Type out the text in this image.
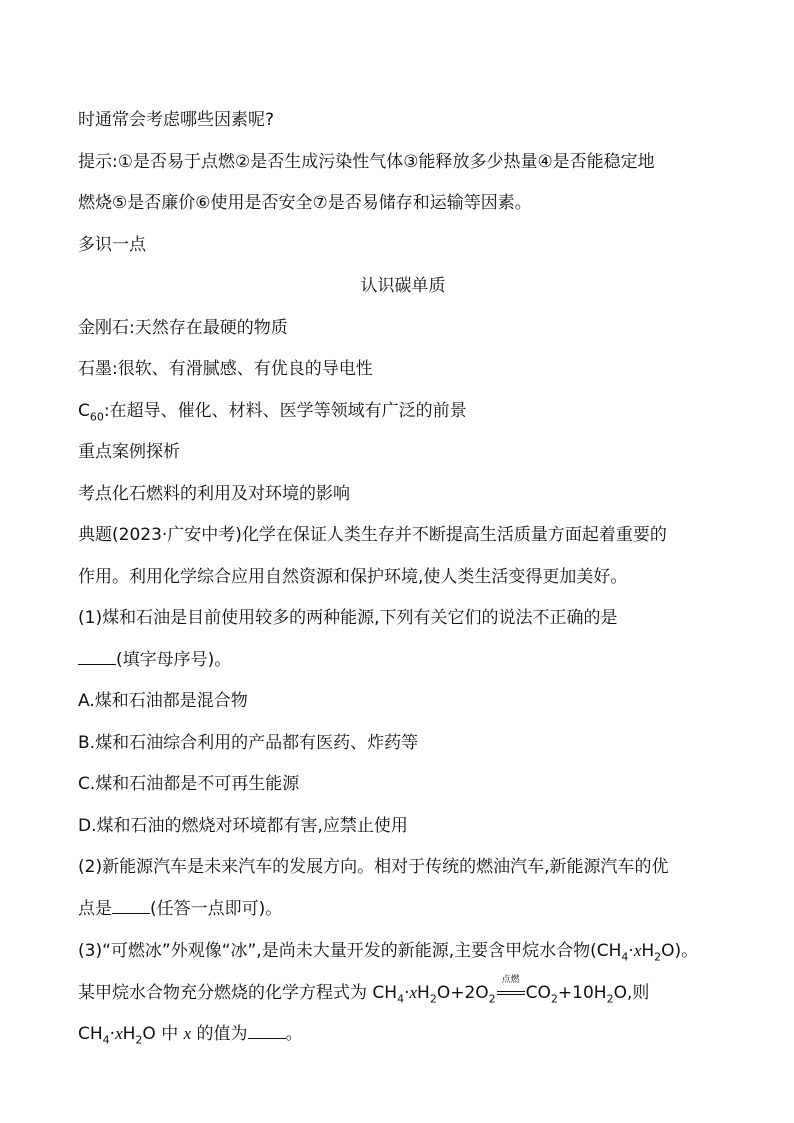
时通常会考虑哪些因素呢?
提示:①是否易于点燃②是否生成污染性气体③能释放多少热量④是否能稳定地
燃烧⑤是否廉价⑥使用是否安全⑦是否易储存和运输等因素。
多识一点
认识碳单质
金刚石:天然存在最硬的物质
石墨:很软、有滑腻感、有优良的导电性
$C_{60}$:在超导、催化、材料、医学等领域有广泛的前景
重点案例探析
考点化石燃料的利用及对环境的影响
典题(2023·广安中考)化学在保证人类生存并不断提高生活质量方面起着重要的
作用。利用化学综合应用自然资源和保护环境,使人类生活变得更加美好。
(1)煤和石油是目前使用较多的两种能源,下列有关它们的说法不正确的是
(填字母序号)。
A.煤和石油都是混合物
B.煤和石油综合利用的产品都有医药、炸药等
C.煤和石油都是不可再生能源
D.煤和石油的燃烧对环境都有害,应禁止使用
(2)新能源汽车是未来汽车的发展方向。相对于传统的燃油汽车,新能源汽车的优
点是 (任答一点即可)。
(3)“可燃冰”外观像“冰”,是尚未大量开发的新能源,主要含甲烷水合物$(CH_4\cdot xH_2O)$。
某甲烷水合物充分燃烧的化学方程式为 $CH_4\cdot xH_2O+2O_2$
点燃
$CO_2+10H_2O$,则
$CH_4\cdot xH_2O$ 中 x 的值为 。
